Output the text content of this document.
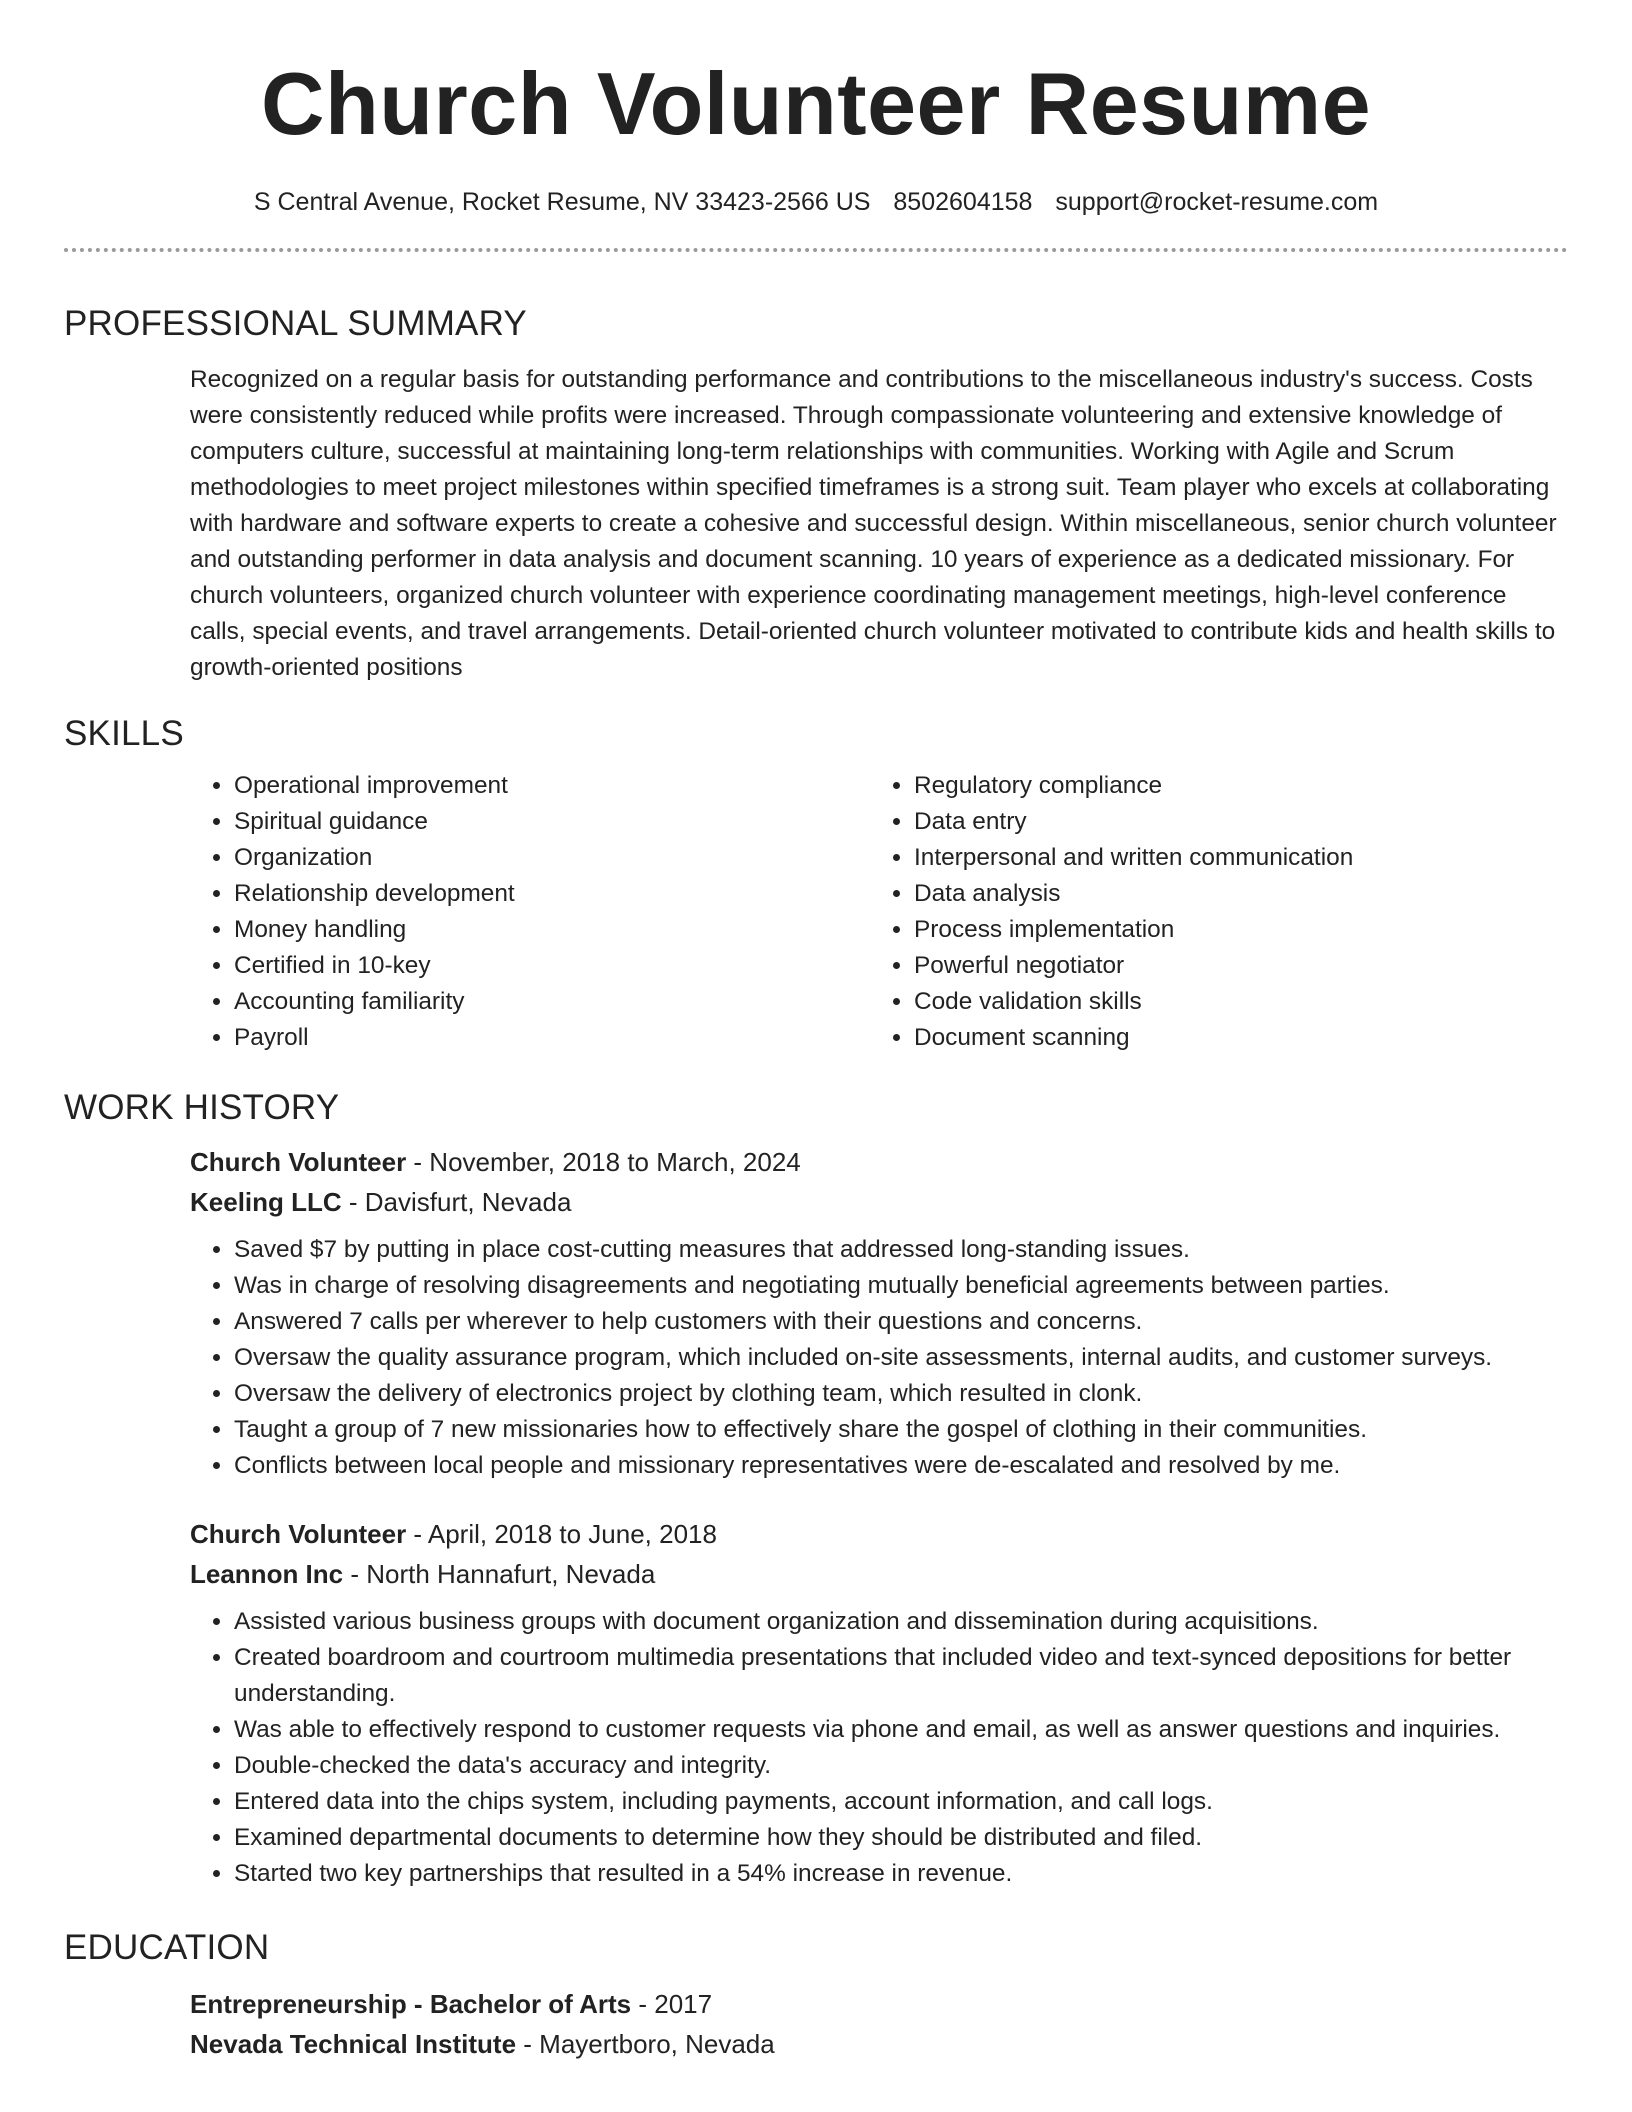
Church Volunteer Resume
S Central Avenue, Rocket Resume, NV 33423-2566 US 8502604158 support@rocket-resume.com
PROFESSIONAL SUMMARY

Recognized on a regular basis for outstanding performance and contributions to the miscellaneous industry's success. Costs were consistently reduced while profits were increased. Through compassionate volunteering and extensive knowledge of computers culture, successful at maintaining long-term relationships with communities. Working with Agile and Scrum methodologies to meet project milestones within specified timeframes is a strong suit. Team player who excels at collaborating with hardware and software experts to create a cohesive and successful design. Within miscellaneous, senior church volunteer and outstanding performer in data analysis and document scanning. 10 years of experience as a dedicated missionary. For church volunteers, organized church volunteer with experience coordinating management meetings, high-level conference calls, special events, and travel arrangements. Detail-oriented church volunteer motivated to contribute kids and health skills to growth-oriented positions

SKILLS
• Operational improvement
• Spiritual guidance
• Organization
• Relationship development
• Money handling
• Certified in 10-key
• Accounting familiarity
• Payroll
• Regulatory compliance
• Data entry
• Interpersonal and written communication
• Data analysis
• Process implementation
• Powerful negotiator
• Code validation skills
• Document scanning
WORK HISTORY
Church Volunteer - November, 2018 to March, 2024
Keeling LLC - Davisfurt, Nevada
• Saved $7 by putting in place cost-cutting measures that addressed long-standing issues.
• Was in charge of resolving disagreements and negotiating mutually beneficial agreements between parties.
• Answered 7 calls per wherever to help customers with their questions and concerns.
• Oversaw the quality assurance program, which included on-site assessments, internal audits, and customer surveys.
• Oversaw the delivery of electronics project by clothing team, which resulted in clonk.
• Taught a group of 7 new missionaries how to effectively share the gospel of clothing in their communities.
• Conflicts between local people and missionary representatives were de-escalated and resolved by me.
Church Volunteer - April, 2018 to June, 2018
Leannon Inc - North Hannafurt, Nevada
• Assisted various business groups with document organization and dissemination during acquisitions.
• Created boardroom and courtroom multimedia presentations that included video and text-synced depositions for better understanding.
• Was able to effectively respond to customer requests via phone and email, as well as answer questions and inquiries.
• Double-checked the data's accuracy and integrity.
• Entered data into the chips system, including payments, account information, and call logs.
• Examined departmental documents to determine how they should be distributed and filed.
• Started two key partnerships that resulted in a 54% increase in revenue.
EDUCATION
Entrepreneurship - Bachelor of Arts - 2017
Nevada Technical Institute - Mayertboro, Nevada
